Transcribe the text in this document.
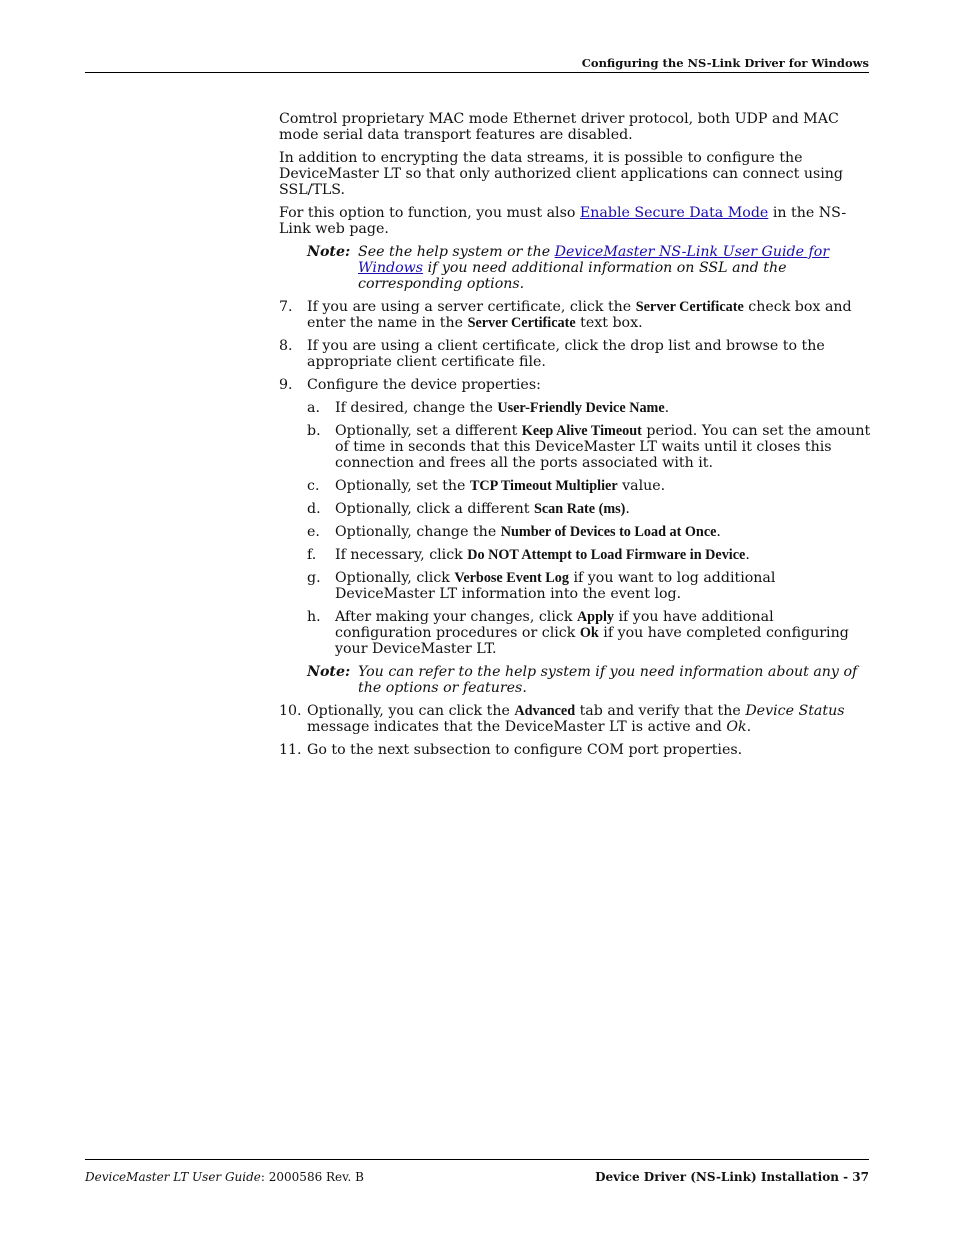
Configuring the NS-Link Driver for Windows

Comtrol proprietary MAC mode Ethernet driver protocol, both UDP and MAC mode serial data transport features are disabled.

In addition to encrypting the data streams, it is possible to configure the DeviceMaster LT so that only authorized client applications can connect using SSL/TLS.

For this option to function, you must also Enable Secure Data Mode in the NS-Link web page.

Note: See the help system or the DeviceMaster NS-Link User Guide for Windows if you need additional information on SSL and the corresponding options.
7.	If you are using a server certificate, click the Server Certificate check box and enter the name in the Server Certificate text box.
8.	If you are using a client certificate, click the drop list and browse to the appropriate client certificate file.
9.	Configure the device properties:
a.	If desired, change the User-Friendly Device Name.
b.	Optionally, set a different Keep Alive Timeout period. You can set the amount of time in seconds that this DeviceMaster LT waits until it closes this connection and frees all the ports associated with it.
c.	Optionally, set the TCP Timeout Multiplier value.
d.	Optionally, click a different Scan Rate (ms).
e.	Optionally, change the Number of Devices to Load at Once.
f.	If necessary, click Do NOT Attempt to Load Firmware in Device.
g.	Optionally, click Verbose Event Log if you want to log additional DeviceMaster LT information into the event log.
h.	After making your changes, click Apply if you have additional configuration procedures or click Ok if you have completed configuring your DeviceMaster LT.
Note: You can refer to the help system if you need information about any of the options or features.
10. Optionally, you can click the Advanced tab and verify that the Device Status message indicates that the DeviceMaster LT is active and Ok.
11. Go to the next subsection to configure COM port properties.
DeviceMaster LT User Guide: 2000586 Rev. B	Device Driver (NS-Link) Installation - 37
